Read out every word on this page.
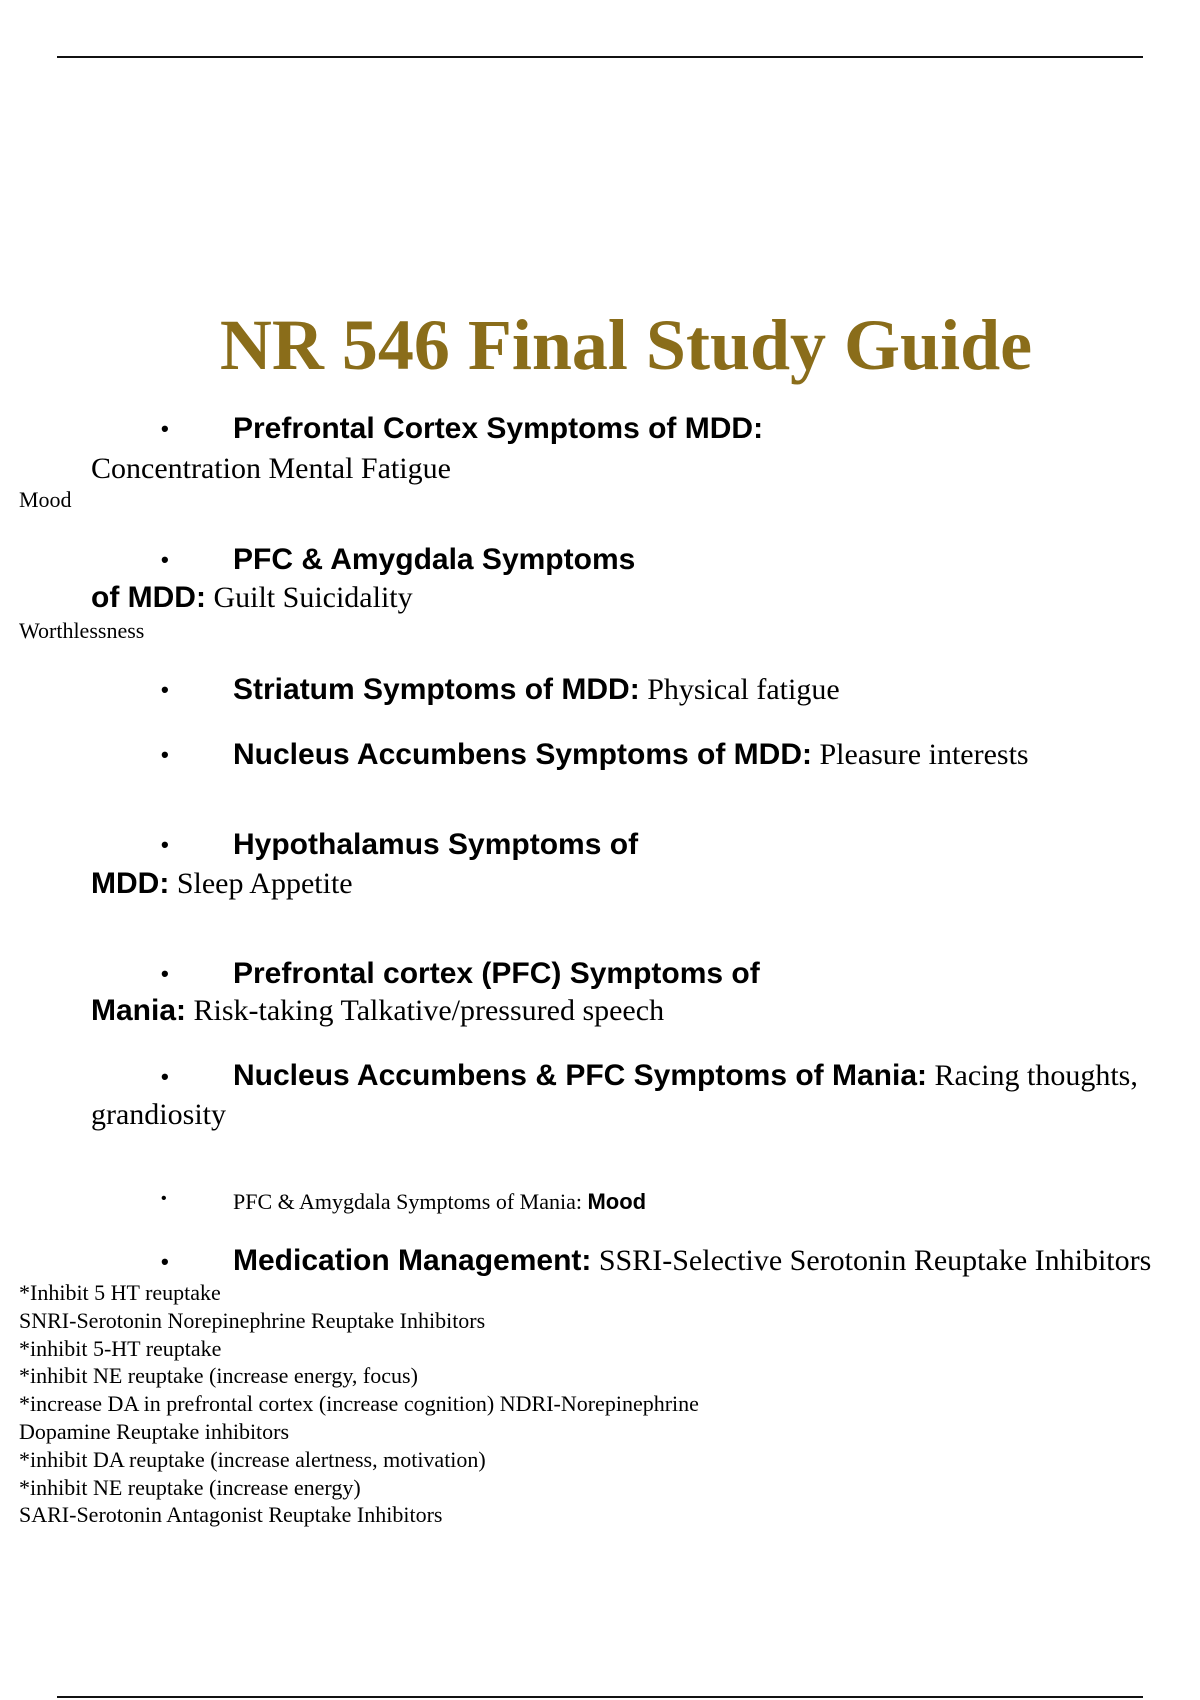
NR 546 Final Study Guide
• Prefrontal Cortex Symptoms of MDD:
Concentration Mental Fatigue
Mood
• PFC & Amygdala Symptoms
of MDD: Guilt Suicidality
Worthlessness
• Striatum Symptoms of MDD: Physical fatigue
• Nucleus Accumbens Symptoms of MDD: Pleasure interests
• Hypothalamus Symptoms of
MDD: Sleep Appetite
• Prefrontal cortex (PFC) Symptoms of
Mania: Risk-taking Talkative/pressured speech
• Nucleus Accumbens & PFC Symptoms of Mania: Racing thoughts,
grandiosity
•	PFC & Amygdala Symptoms of Mania: Mood
• Medication Management: SSRI-Selective Serotonin Reuptake Inhibitors
*Inhibit 5 HT reuptake
SNRI-Serotonin Norepinephrine Reuptake Inhibitors
*inhibit 5-HT reuptake
*inhibit NE reuptake (increase energy, focus)
*increase DA in prefrontal cortex (increase cognition) NDRI-Norepinephrine
Dopamine Reuptake inhibitors
*inhibit DA reuptake (increase alertness, motivation)
*inhibit NE reuptake (increase energy)
SARI-Serotonin Antagonist Reuptake Inhibitors
